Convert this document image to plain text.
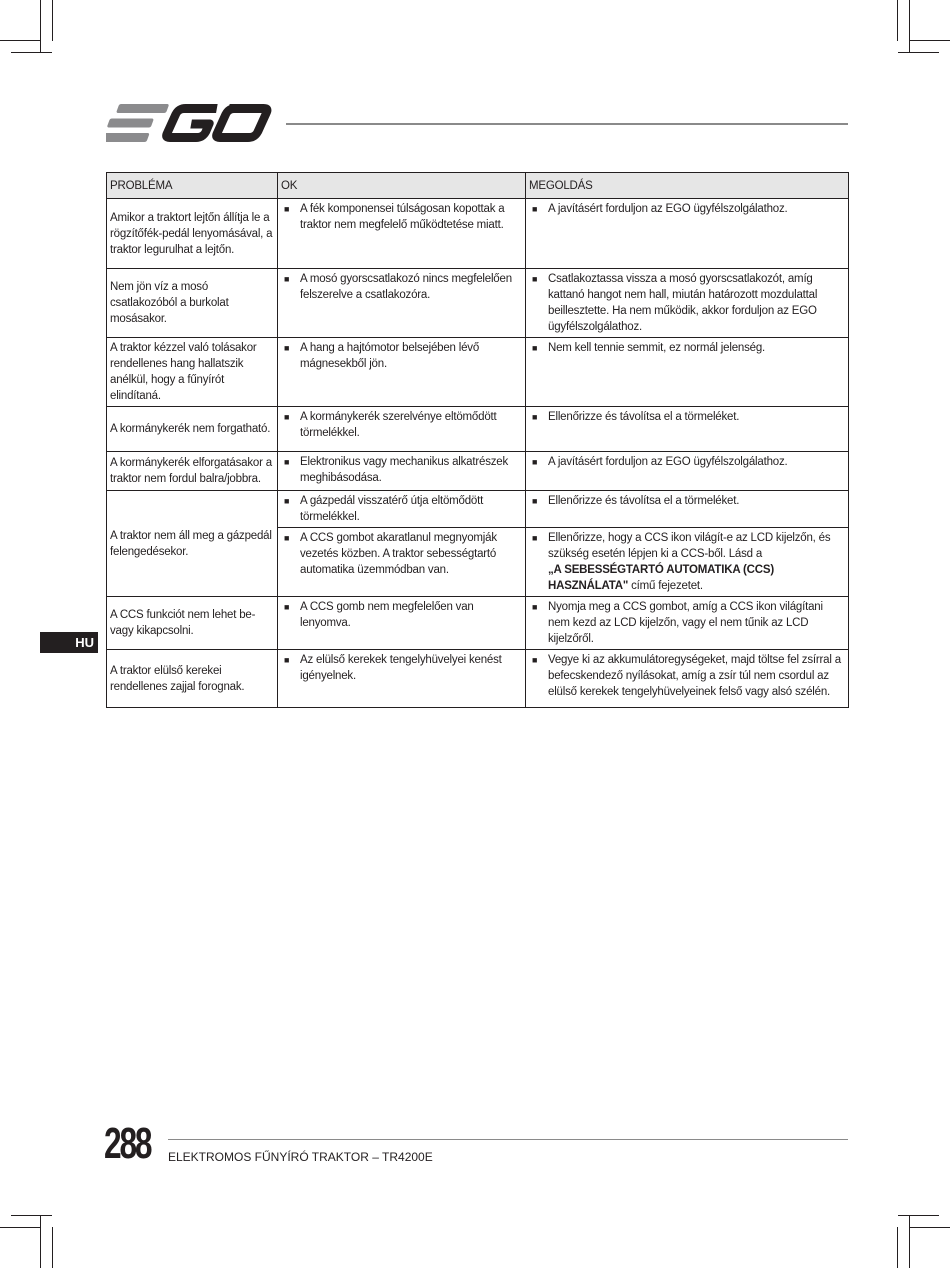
HU
PROBLÉMA	OK	MEGOLDÁS
Amikor a traktort lejtőn állítja le a rögzítőfék-pedál lenyomásával, a traktor legurulhat a lejtőn.	■ A fék komponensei túlságosan kopottak a traktor nem megfelelő működtetése miatt.	■ A javításért forduljon az EGO ügyfélszolgálathoz.

Nem jön víz a mosó csatlakozóból a burkolat mosásakor.	■ A mosó gyorscsatlakozó nincs megfelelően felszerelve a csatlakozóra.	■ Csatlakoztassa vissza a mosó gyorscsatlakozót, amíg kattanó hangot nem hall, miután határozott mozdulattal beillesztette. Ha nem működik, akkor forduljon az EGO ügyfélszolgálathoz.

A traktor kézzel való tolásakor rendellenes hang hallatszik anélkül, hogy a fűnyírót elindítaná.	■ A hang a hajtómotor belsejében lévő mágnesekből jön.	■ Nem kell tennie semmit, ez normál jelenség.

A kormánykerék nem forgatható.	■ A kormánykerék szerelvénye eltömődött törmelékkel.	■ Ellenőrizze és távolítsa el a törmeléket.

A kormánykerék elforgatásakor a traktor nem fordul balra/jobbra.	■ Elektronikus vagy mechanikus alkatrészek meghibásodása.	■ A javításért forduljon az EGO ügyfélszolgálathoz.

A traktor nem áll meg a gázpedál felengedésekor.	■ A gázpedál visszatérő útja eltömődött törmelékkel.	■ Ellenőrizze és távolítsa el a törmeléket.

	■ A CCS gombot akaratlanul megnyomják vezetés közben. A traktor sebességtartó automatika üzemmódban van.	■ Ellenőrizze, hogy a CCS ikon világít-e az LCD kijelzőn, és szükség esetén lépjen ki a CCS-ből. Lásd a
„A SEBESSÉGTARTÓ AUTOMATIKA (CCS) HASZNÁLATA" című fejezetet.

A CCS funkciót nem lehet be- vagy kikapcsolni.	■ A CCS gomb nem megfelelően van lenyomva.	■ Nyomja meg a CCS gombot, amíg a CCS ikon világítani nem kezd az LCD kijelzőn, vagy el nem tűnik az LCD kijelzőről.

A traktor elülső kerekei rendellenes zajjal forognak.	■ Az elülső kerekek tengelyhüvelyei kenést igényelnek.	■ Vegye ki az akkumulátoregységeket, majd töltse fel zsírral a befecskendező nyílásokat, amíg a zsír túl nem csordul az elülső kerekek tengelyhüvelyeinek felső vagy alsó szélén.
288 ELEKTROMOS FŰNYÍRÓ TRAKTOR – TR4200E
